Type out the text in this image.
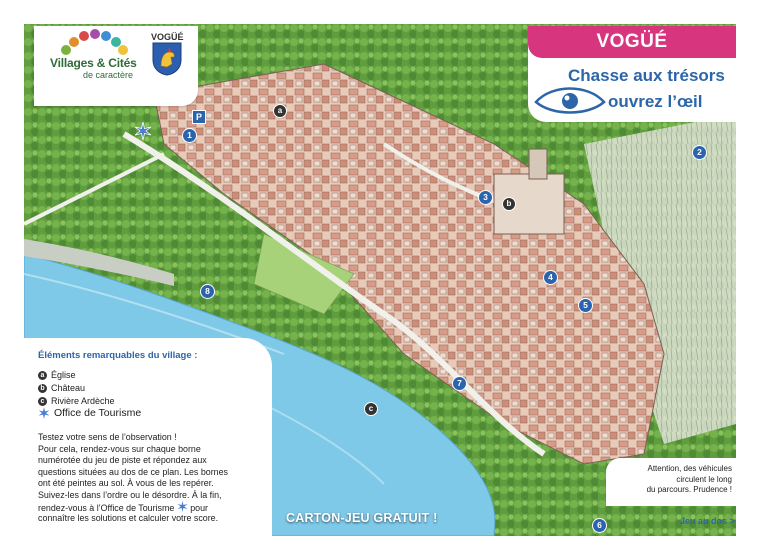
1
2
3
4
5
6
7
8
P
a
b
c
Villages & Cités
de caractère
VOGÜÉ	VOGÜÉ
Chasse aux trésors
ouvrez l’œil
Éléments remarquables du village :
a Église
b Château
c Rivière Ardèche
Office de Tourisme
Testez votre sens de l’observation !
Pour cela, rendez-vous sur chaque borne
numérotée du jeu de piste et répondez aux
questions situées au dos de ce plan. Les bornes
ont été peintes au sol. À vous de les repérer.
Suivez-les dans l’ordre ou le désordre. À la fin,
rendez-vous à l’Office de Tourisme pour
connaître les solutions et calculer votre score.	CARTON-JEU GRATUIT !
Attention, des véhicules
circulent le long
du parcours. Prudence !
Jeu au dos >
